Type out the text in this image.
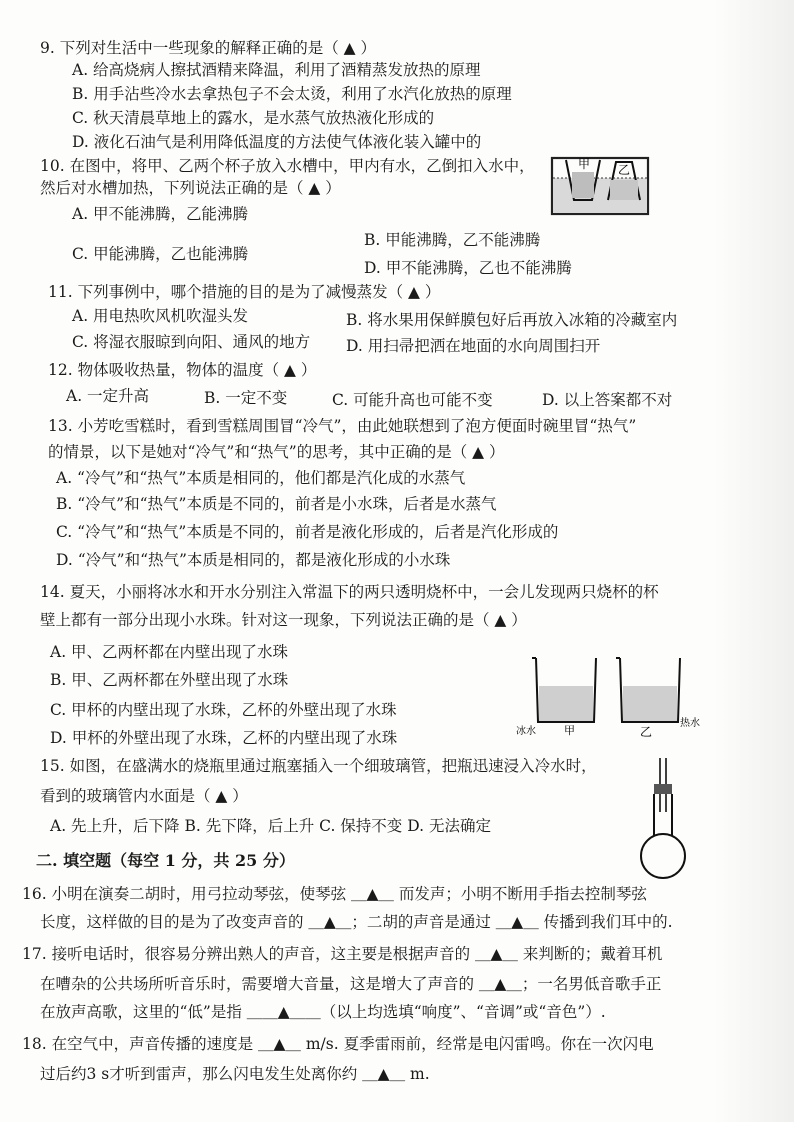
9. 下列对生活中一些现象的解释正确的是（ ▲ ）
A. 给高烧病人擦拭酒精来降温，利用了酒精蒸发放热的原理
B. 用手沾些冷水去拿热包子不会太烫，利用了水汽化放热的原理
C. 秋天清晨草地上的露水，是水蒸气放热液化形成的
D. 液化石油气是利用降低温度的方法使气体液化装入罐中的
10. 在图中，将甲、乙两个杯子放入水槽中，甲内有水，乙倒扣入水中，
然后对水槽加热，下列说法正确的是（ ▲ ）
A. 甲不能沸腾，乙能沸腾
B. 甲能沸腾，乙不能沸腾
C. 甲能沸腾，乙也能沸腾
D. 甲不能沸腾，乙也不能沸腾
11. 下列事例中，哪个措施的目的是为了减慢蒸发（ ▲ ）
A. 用电热吹风机吹湿头发	B. 将水果用保鲜膜包好后再放入冰箱的冷藏室内
C. 将湿衣服晾到向阳、通风的地方 D. 用扫帚把洒在地面的水向周围扫开
12. 物体吸收热量，物体的温度（ ▲ ）
A. 一定升高	B. 一定不变	C. 可能升高也可能不变	D. 以上答案都不对
13. 小芳吃雪糕时，看到雪糕周围冒“冷气”，由此她联想到了泡方便面时碗里冒“热气”
的情景，以下是她对“冷气”和“热气”的思考，其中正确的是（ ▲ ）
A. “冷气”和“热气”本质是相同的，他们都是汽化成的水蒸气
B. “冷气”和“热气”本质是不同的，前者是小水珠，后者是水蒸气
C. “冷气”和“热气”本质是不同的，前者是液化形成的，后者是汽化形成的
D. “冷气”和“热气”本质是相同的，都是液化形成的小水珠
14. 夏天，小丽将冰水和开水分别注入常温下的两只透明烧杯中，一会儿发现两只烧杯的杯
壁上都有一部分出现小水珠。针对这一现象，下列说法正确的是（ ▲ ）
A. 甲、乙两杯都在内壁出现了水珠
B. 甲、乙两杯都在外壁出现了水珠
C. 甲杯的内壁出现了水珠，乙杯的外壁出现了水珠
D. 甲杯的外壁出现了水珠，乙杯的内壁出现了水珠
15. 如图，在盛满水的烧瓶里通过瓶塞插入一个细玻璃管，把瓶迅速浸入冷水时，
看到的玻璃管内水面是（ ▲ ）
A. 先上升，后下降 B. 先下降，后上升 C. 保持不变 D. 无法确定
二. 填空题（每空 1 分，共 25 分）
16. 小明在演奏二胡时，用弓拉动琴弦，使琴弦 ＿▲＿ 而发声；小明不断用手指去控制琴弦
长度，这样做的目的是为了改变声音的 ＿▲＿；二胡的声音是通过 ＿▲＿ 传播到我们耳中的.
17. 接听电话时，很容易分辨出熟人的声音，这主要是根据声音的 ＿▲＿ 来判断的；戴着耳机
在嘈杂的公共场所听音乐时，需要增大音量，这是增大了声音的 ＿▲＿；一名男低音歌手正
在放声高歌，这里的“低”是指 ＿＿▲＿＿（以上均选填“响度”、“音调”或“音色”）.
18. 在空气中，声音传播的速度是 ＿▲＿ m/s. 夏季雷雨前，经常是电闪雷鸣。你在一次闪电
过后约3 s才听到雷声，那么闪电发生处离你约 ＿▲＿ m.
甲 乙
冰水	甲	乙
热水
